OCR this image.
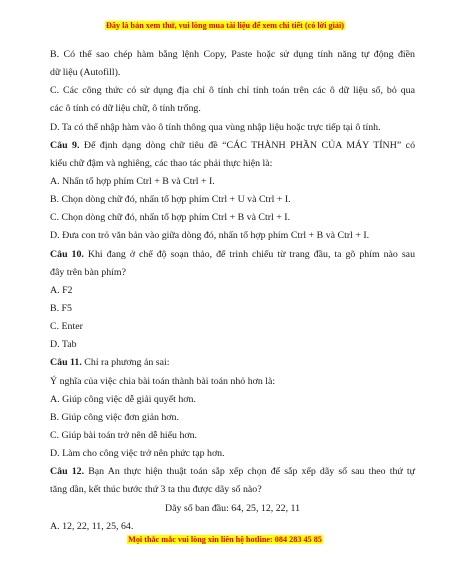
Đây là bản xem thử, vui lòng mua tài liệu để xem chi tiết (có lời giải)
B. Có thể sao chép hàm bằng lệnh Copy, Paste hoặc sử dụng tính năng tự động điền
dữ liệu (Autofill).
C. Các công thức có sử dụng địa chỉ ô tính chỉ tính toán trên các ô dữ liệu số, bỏ qua
các ô tính có dữ liệu chữ, ô tính trống.
D. Ta có thể nhập hàm vào ô tính thông qua vùng nhập liệu hoặc trực tiếp tại ô tính.
Câu 9. Để định dạng dòng chữ tiêu đề “CÁC THÀNH PHẦN CỦA MÁY TÍNH” có
kiểu chữ đậm và nghiêng, các thao tác phải thực hiện là:
A. Nhấn tổ hợp phím Ctrl + B và Ctrl + I.
B. Chọn dòng chữ đó, nhấn tổ hợp phím Ctrl + U và Ctrl + I.
C. Chọn dòng chữ đó, nhấn tổ hợp phím Ctrl + B và Ctrl + I.
D. Đưa con trỏ văn bản vào giữa dòng đó, nhấn tổ hợp phím Ctrl + B và Ctrl + I.
Câu 10. Khi đang ở chế độ soạn thảo, để trình chiếu từ trang đầu, ta gõ phím nào sau
đây trên bàn phím?
A. F2
B. F5
C. Enter
D. Tab
Câu 11. Chỉ ra phương án sai:
Ý nghĩa của việc chia bài toán thành bài toán nhỏ hơn là:
A. Giúp công việc dễ giải quyết hơn.
B. Giúp công việc đơn giản hơn.
C. Giúp bài toán trở nên dễ hiểu hơn.
D. Làm cho công việc trở nên phức tạp hơn.
Câu 12. Bạn An thực hiện thuật toán sắp xếp chọn để sắp xếp dãy số sau theo thứ tự
tăng dần, kết thúc bước thứ 3 ta thu được dãy số nào?
Dãy số ban đầu: 64, 25, 12, 22, 11
A. 12, 22, 11, 25, 64.
Mọi thắc mắc vui lòng xin liên hệ hotline: 084 283 45 85
